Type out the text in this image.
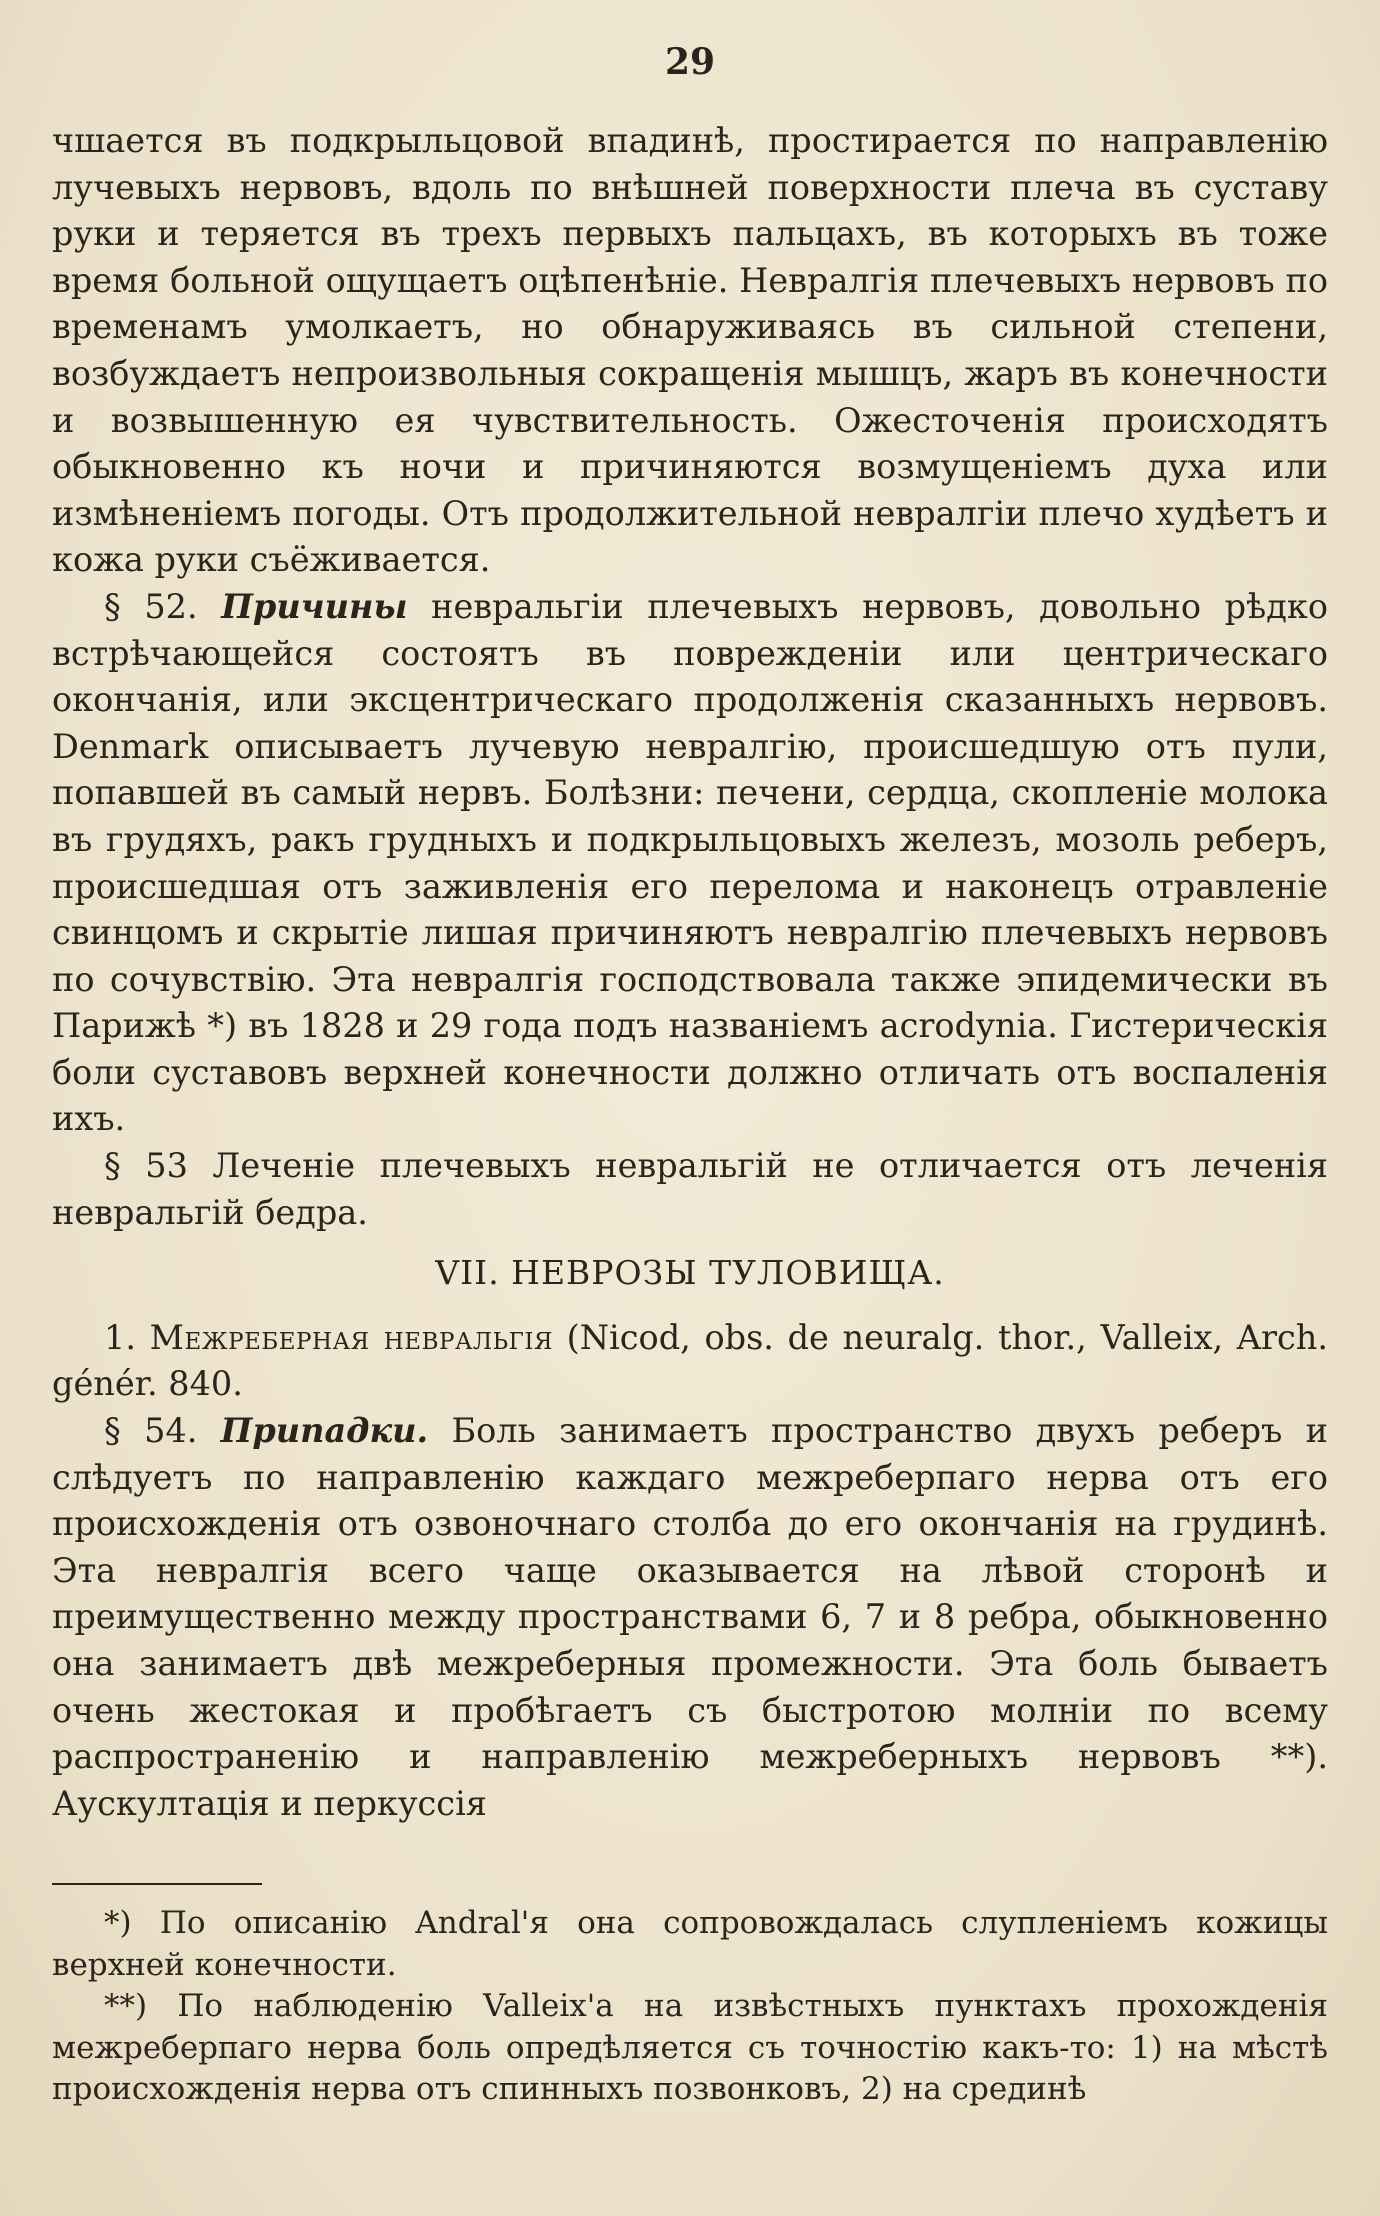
29

чшается въ подкрыльцовой впадинѣ, простирается по направленію лучевыхъ нервовъ, вдоль по внѣшней поверхности плеча въ суставу руки и теряется въ трехъ первыхъ пальцахъ, въ которыхъ въ тоже время больной ощущаетъ оцѣпенѣніе. Невралгія плечевыхъ нервовъ по временамъ умолкаетъ, но обнаруживаясь въ сильной степени, возбуждаетъ непроизвольныя сокращенія мышцъ, жаръ въ конечности и возвышенную ея чувствительность. Ожесточенія происходятъ обыкновенно къ ночи и причиняются возмущеніемъ духа или измѣненіемъ погоды. Отъ продолжительной невралгіи плечо худѣетъ и кожа руки съёживается.

§ 52. Причины невральгіи плечевыхъ нервовъ, довольно рѣдко встрѣчающейся состоятъ въ поврежденіи или центрическаго окончанія, или эксцентрическаго продолженія сказанныхъ нервовъ. Denmark описываетъ лучевую невралгію, происшедшую отъ пули, попавшей въ самый нервъ. Болѣзни: печени, сердца, скопленіе молока въ грудяхъ, ракъ грудныхъ и подкрыльцовыхъ железъ, мозоль реберъ, происшедшая отъ заживленія его перелома и наконецъ отравленіе свинцомъ и скрытіе лишая причиняютъ невралгію плечевыхъ нервовъ по сочувствію. Эта невралгія господствовала также эпидемически въ Парижѣ *) въ 1828 и 29 года подъ названіемъ acrodynia. Гистерическія боли суставовъ верхней конечности должно отличать отъ воспаленія ихъ.

§ 53 Леченіе плечевыхъ невральгій не отличается отъ леченія невральгій бедра.

VII. НЕВРОЗЫ ТУЛОВИЩА.

1. Межреберная невральгія (Nicod, obs. de neuralg. thor., Valleix, Arch. génér. 840.

§ 54. Припадки. Боль занимаетъ пространство двухъ реберъ и слѣдуетъ по направленію каждаго межреберпаго нерва отъ его происхожденія отъ озвоночнаго столба до его окончанія на грудинѣ. Эта невралгія всего чаще оказывается на лѣвой сторонѣ и преимущественно между пространствами 6, 7 и 8 ребра, обыкновенно она занимаетъ двѣ межреберныя промежности. Эта боль бываетъ очень жестокая и пробѣгаетъ съ быстротою молніи по всему распространенію и направленію межреберныхъ нервовъ **). Аускултація и перкуссія

*) По описанію Andral'я она сопровождалась слупленіемъ кожицы верхней конечности.

**) По наблюденію Valleix'а на извѣстныхъ пунктахъ прохожденія межреберпаго нерва боль опредѣляется съ точностію какъ-то: 1) на мѣстѣ происхожденія нерва отъ спинныхъ позвонковъ, 2) на срединѣ
